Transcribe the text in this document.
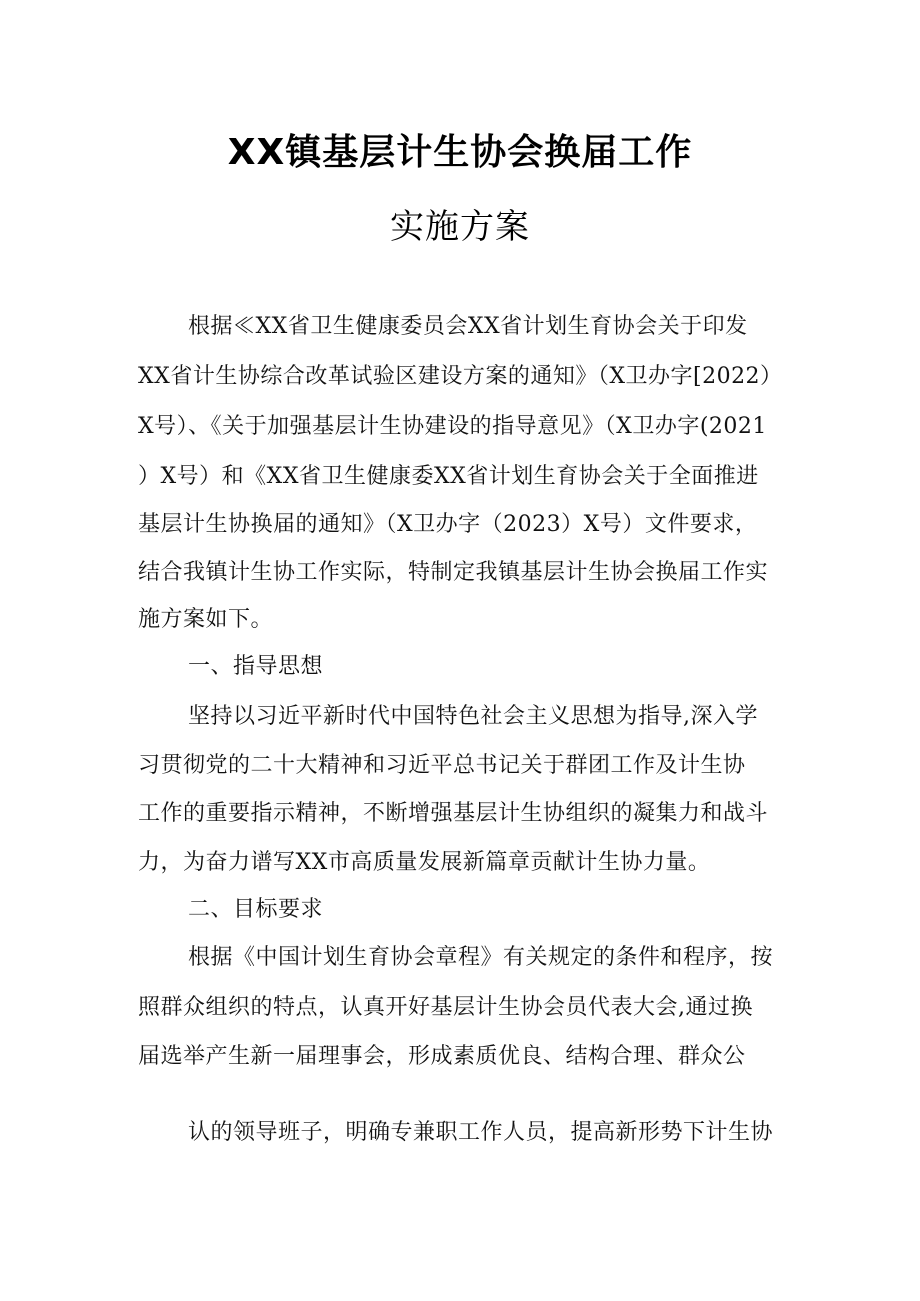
XX镇基层计生协会换届工作
实施方案
根据≪XX省卫生健康委员会XX省计划生育协会关于印发
XX省计生协综合改革试验区建设方案的通知》（X卫办字[2022）
X号）、《关于加强基层计生协建设的指导意见》（X卫办字(2021
）X号）和《XX省卫生健康委XX省计划生育协会关于全面推进
基层计生协换届的通知》（X卫办字（2023）X号）文件要求，
结合我镇计生协工作实际，特制定我镇基层计生协会换届工作实
施方案如下。
一、指导思想
坚持以习近平新时代中国特色社会主义思想为指导,深入学
习贯彻党的二十大精神和习近平总书记关于群团工作及计生协
工作的重要指示精神，不断增强基层计生协组织的凝集力和战斗
力，为奋力谱写XX市高质量发展新篇章贡献计生协力量。
二、目标要求
根据《中国计划生育协会章程》有关规定的条件和程序，按
照群众组织的特点，认真开好基层计生协会员代表大会,通过换
届选举产生新一届理事会，形成素质优良、结构合理、群众公
认的领导班子，明确专兼职工作人员，提高新形势下计生协
